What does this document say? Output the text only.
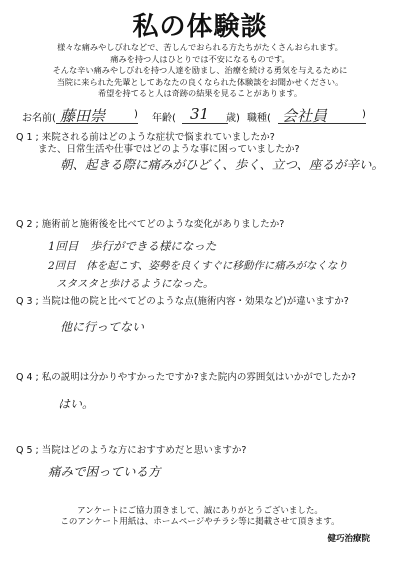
私の体験談
様々な痛みやしびれなどで、苦しんでおられる方たちがたくさんおられます。
痛みを持つ人はひとりでは不安になるものです。
そんな辛い痛みやしびれを持つ人達を励まし、治療を続ける勇気を与えるために
当院に来られた先輩としてあなたの良くなられた体験談をお聞かせください。
希望を持てると人は奇跡の結果を見ることがあります。
お名前( 藤田崇	) 年齢( 31 歳) 職種( 会社員	)
Q 1 ; 来院される前はどのような症状で悩まれていましたか?
　　 また、日常生活や仕事ではどのような事に困っていましたか?
朝、起きる際に痛みがひどく、歩く、立つ、座るが辛い。
Q 2 ; 施術前と施術後を比べてどのような変化がありましたか?
1回目　歩行ができる様になった
2回目　体を起こす、姿勢を良くすぐに移動作に痛みがなくなり
スタスタと歩けるようになった。
Q 3 ; 当院は他の院と比べてどのような点(施術内容・効果など)が違いますか?
他に行ってない
Q 4 ; 私の説明は分かりやすかったですか?また院内の雰囲気はいかがでしたか?
はい。
Q 5 ; 当院はどのような方におすすめだと思いますか?
痛みで困っている方
アンケートにご協力頂きまして、誠にありがとうございました。
このアンケート用紙は、ホームページやチラシ等に掲載させて頂きます。
健巧治療院
